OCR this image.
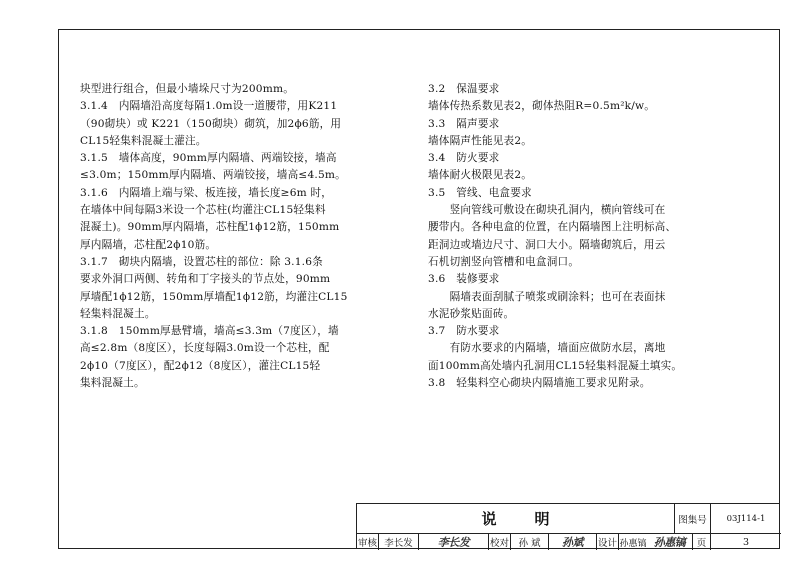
块型进行组合，但最小墙垛尺寸为200mm。

3.1.4　内隔墙沿高度每隔1.0m设一道腰带，用K211

（90砌块）或 K221（150砌块）砌筑，加2ϕ6筋，用

CL15轻集料混凝土灌注。

3.1.5　墙体高度，90mm厚内隔墙、两端铰接，墙高

≤3.0m；150mm厚内隔墙、两端铰接，墙高≤4.5m。

3.1.6　内隔墙上端与梁、板连接，墙长度≥6m 时，

在墙体中间每隔3米设一个芯柱(均灌注CL15轻集料

混凝土)。90mm厚内隔墙，芯柱配1ϕ12筋，150mm

厚内隔墙，芯柱配2ϕ10筋。

3.1.7　砌块内隔墙，设置芯柱的部位：除 3.1.6条

要求外洞口两侧、转角和丁字接头的节点处，90mm

厚墙配1ϕ12筋，150mm厚墙配1ϕ12筋，均灌注CL15

轻集料混凝土。

3.1.8　150mm厚悬臂墙，墙高≤3.3m（7度区），墙

高≤2.8m（8度区），长度每隔3.0m设一个芯柱，配

2ϕ10（7度区），配2ϕ12（8度区），灌注CL15轻

集料混凝土。

3.2　保温要求

墙体传热系数见表2，砌体热阻R=0.5m²k/w。

3.3　隔声要求

墙体隔声性能见表2。

3.4　防火要求

墙体耐火极限见表2。

3.5　管线、电盒要求

　　竖向管线可敷设在砌块孔洞内，横向管线可在

腰带内。各种电盒的位置，在内隔墙图上注明标高、

距洞边或墙边尺寸、洞口大小。隔墙砌筑后，用云

石机切割竖向管槽和电盒洞口。

3.6　装修要求

　　隔墙表面刮腻子喷浆或刷涂料；也可在表面抹

水泥砂浆贴面砖。

3.7　防水要求

　　有防水要求的内隔墙，墙面应做防水层，离地

面100mm高处墙内孔洞用CL15轻集料混凝土填实。

3.8　轻集料空心砌块内隔墙施工要求见附录。

说明	图集号	03J114-1
审核 李长发	李长发	校对 孙 斌	孙斌	设计 孙惠镐 孙惠镐	页	3
